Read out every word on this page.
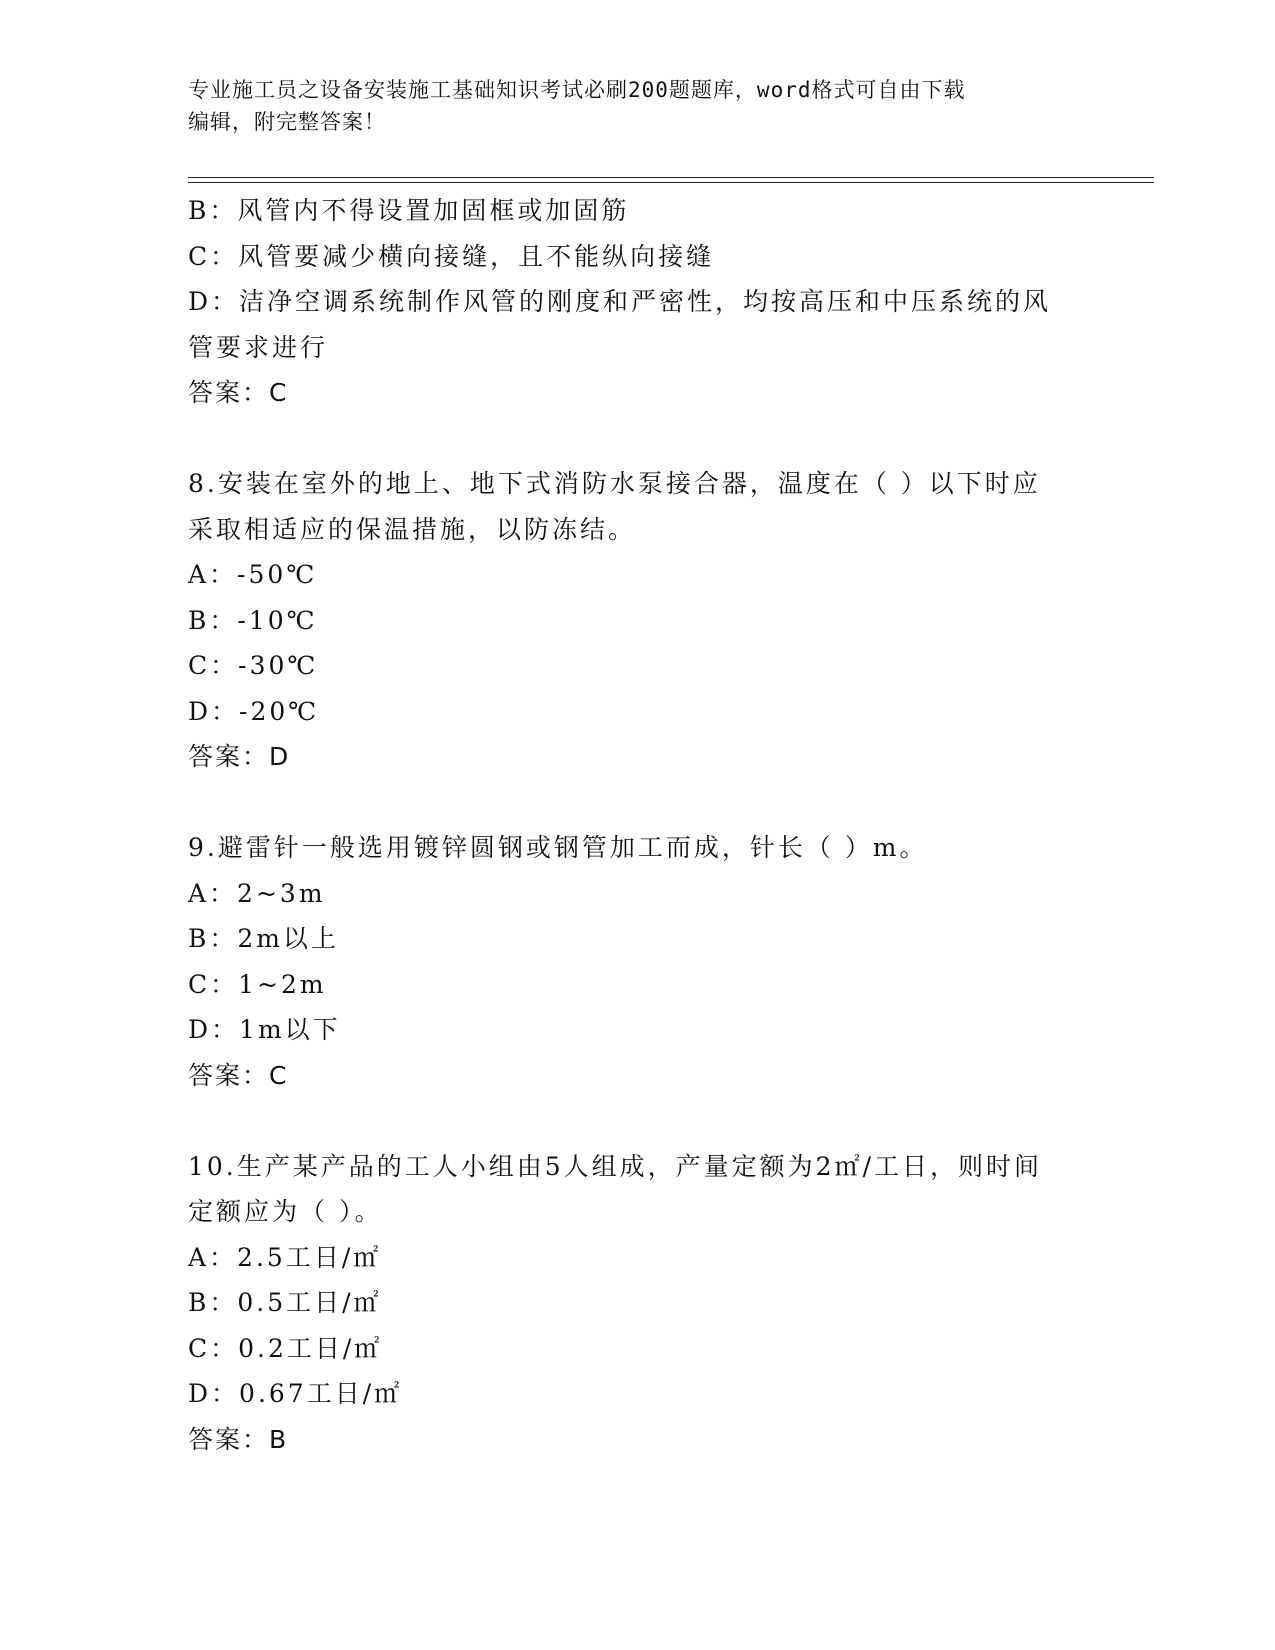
专业施工员之设备安装施工基础知识考试必刷200题题库，word格式可自由下载
编辑，附完整答案！
B：风管内不得设置加固框或加固筋
C：风管要减少横向接缝，且不能纵向接缝
D：洁净空调系统制作风管的刚度和严密性，均按高压和中压系统的风
管要求进行
答案：C
8.安装在室外的地上、地下式消防水泵接合器，温度在（ ）以下时应
采取相适应的保温措施，以防冻结。
A：-50℃
B：-10℃
C：-30℃
D：-20℃
答案：D
9.避雷针一般选用镀锌圆钢或钢管加工而成，针长（ ）m。
A：2~3m
B：2m以上
C：1~2m
D：1m以下
答案：C
10.生产某产品的工人小组由5人组成，产量定额为2㎡/工日，则时间
定额应为（ ）。
A：2.5工日/㎡
B：0.5工日/㎡
C：0.2工日/㎡
D：0.67工日/㎡
答案：B
